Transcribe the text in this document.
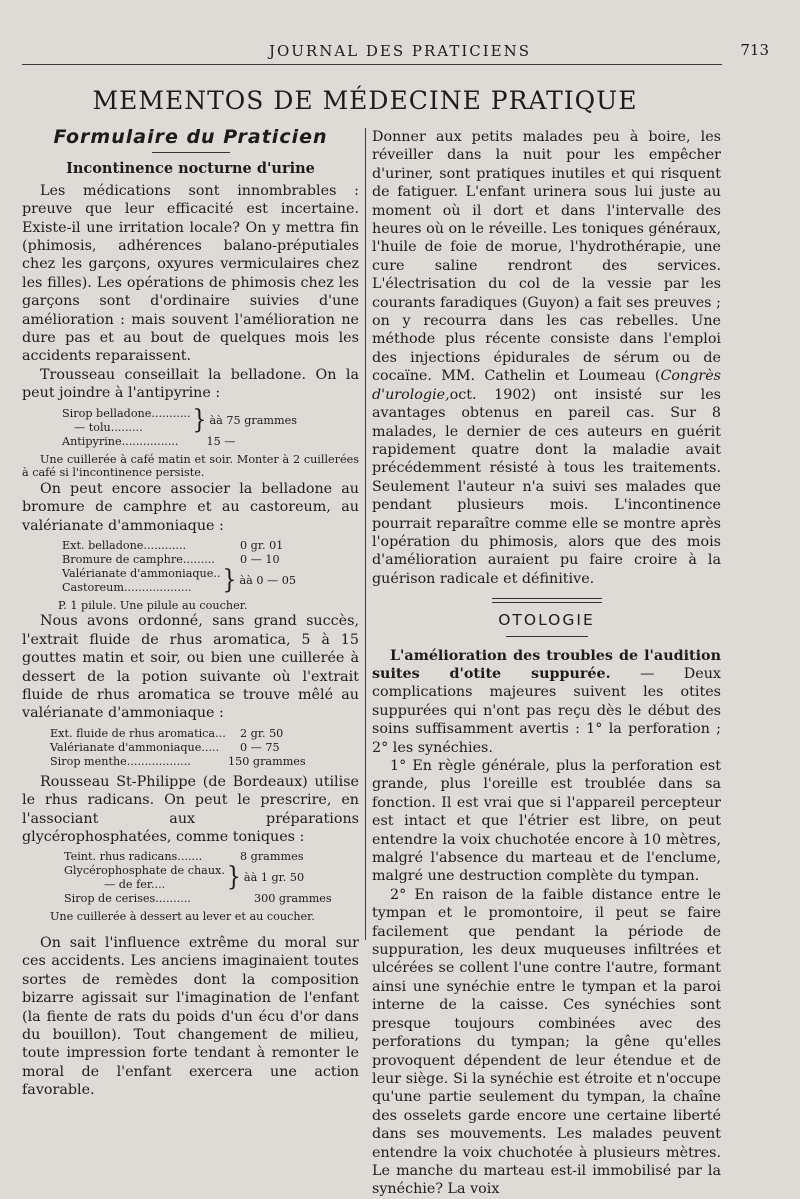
JOURNAL DES PRATICIENS	713
MEMENTOS DE MÉDECINE PRATIQUE
Formulaire du Praticien
Incontinence nocturne d'urine

Les médications sont innombrables : preuve que leur efficacité est incertaine. Existe-il une irritation locale? On y mettra fin (phimosis, adhérences balano-préputiales chez les garçons, oxyures vermiculaires chez les filles). Les opérations de phimosis chez les garçons sont d'ordinaire suivies d'une amélioration : mais souvent l'amélioration ne dure pas et au bout de quelques mois les accidents reparaissent.

Trousseau conseillait la belladone. On la peut joindre à l'antipyrine :

Sirop belladone...........
— tolu.........	} àà 75 grammes
Antipyrine................	15 —

Une cuillerée à café matin et soir. Monter à 2 cuillerées à café si l'incontinence persiste.

On peut encore associer la belladone au bromure de camphre et au castoreum, au valérianate d'ammoniaque :

Ext. belladone............	0 gr. 01
Bromure de camphre.........	0 — 10
Valérianate d'ammoniaque..
Castoreum...................	} àà 0 — 05

P. 1 pilule. Une pilule au coucher.

Nous avons ordonné, sans grand succès, l'extrait fluide de rhus aromatica, 5 à 15 gouttes matin et soir, ou bien une cuillerée à dessert de la potion suivante où l'extrait fluide de rhus aromatica se trouve mêlé au valérianate d'ammoniaque :

Ext. fluide de rhus aromatica...	2 gr. 50
Valérianate d'ammoniaque.....	0 — 75
Sirop menthe..................	150 grammes

Rousseau St-Philippe (de Bordeaux) utilise le rhus radicans. On peut le prescrire, en l'associant aux préparations glycérophosphatées, comme toniques :

Teint. rhus radicans.......	8 grammes
Glycérophosphate de chaux.
— de fer....	} àà 1 gr. 50
Sirop de cerises..........	300 grammes

Une cuillerée à dessert au lever et au coucher.

On sait l'influence extrême du moral sur ces accidents. Les anciens imaginaient toutes sortes de remèdes dont la composition bizarre agissait sur l'imagination de l'enfant (la fiente de rats du poids d'un écu d'or dans du bouillon). Tout changement de milieu, toute impression forte tendant à remonter le moral de l'enfant exercera une action favorable.

Donner aux petits malades peu à boire, les réveiller dans la nuit pour les empêcher d'uriner, sont pratiques inutiles et qui risquent de fatiguer. L'enfant urinera sous lui juste au moment où il dort et dans l'intervalle des heures où on le réveille. Les toniques généraux, l'huile de foie de morue, l'hydrothérapie, une cure saline rendront des services. L'électrisation du col de la vessie par les courants faradiques (Guyon) a fait ses preuves ; on y recourra dans les cas rebelles. Une méthode plus récente consiste dans l'emploi des injections épidurales de sérum ou de cocaïne. MM. Cathelin et Loumeau (Congrès d'urologie,oct. 1902) ont insisté sur les avantages obtenus en pareil cas. Sur 8 malades, le dernier de ces auteurs en guérit rapidement quatre dont la maladie avait précédemment résisté à tous les traitements. Seulement l'auteur n'a suivi ses malades que pendant plusieurs mois. L'incontinence pourrait reparaître comme elle se montre après l'opération du phimosis, alors que des mois d'amélioration auraient pu faire croire à la guérison radicale et définitive.

OTOLOGIE

L'amélioration des troubles de l'audition suites d'otite suppurée. — Deux complications majeures suivent les otites suppurées qui n'ont pas reçu dès le début des soins suffisamment avertis : 1° la perforation ; 2° les synéchies.

1° En règle générale, plus la perforation est grande, plus l'oreille est troublée dans sa fonction. Il est vrai que si l'appareil percepteur est intact et que l'étrier est libre, on peut entendre la voix chuchotée encore à 10 mètres, malgré l'absence du marteau et de l'enclume, malgré une destruction complète du tympan.

2° En raison de la faible distance entre le tympan et le promontoire, il peut se faire facilement que pendant la période de suppuration, les deux muqueuses infiltrées et ulcérées se collent l'une contre l'autre, formant ainsi une synéchie entre le tympan et la paroi interne de la caisse. Ces synéchies sont presque toujours combinées avec des perforations du tympan; la gêne qu'elles provoquent dépendent de leur étendue et de leur siège. Si la synéchie est étroite et n'occupe qu'une partie seulement du tympan, la chaîne des osselets garde encore une certaine liberté dans ses mouvements. Les malades peuvent entendre la voix chuchotée à plusieurs mètres. Le manche du marteau est-il immobilisé par la synéchie? La voix
